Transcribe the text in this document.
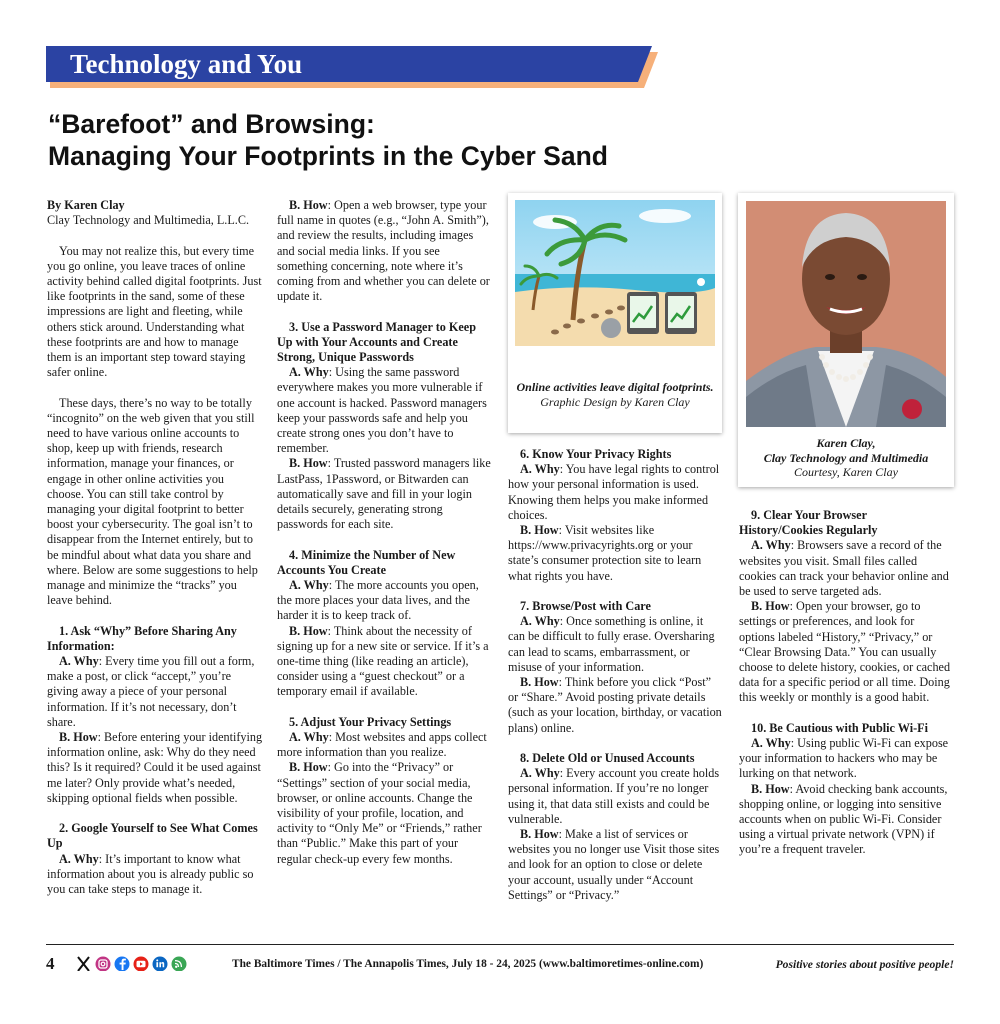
Technology and You
“Barefoot” and Browsing:
Managing Your Footprints in the Cyber Sand

By Karen Clay

Clay Technology and Multimedia, L.L.C.

You may not realize this, but every time you go online, you leave traces of online activity behind called digital footprints. Just like footprints in the sand, some of these impressions are light and fleeting, while others stick around. Understanding what these footprints are and how to manage them is an important step toward staying safer online.

These days, there’s no way to be totally “incognito” on the web given that you still need to have various online accounts to shop, keep up with friends, research information, manage your finances, or engage in other online activities you choose. You can still take control by managing your digital footprint to better boost your cybersecurity. The goal isn’t to disappear from the Internet entirely, but to be mindful about what data you share and where. Below are some suggestions to help manage and minimize the “tracks” you leave behind.

1. Ask “Why” Before Sharing Any Information:

A. Why: Every time you fill out a form, make a post, or click “accept,” you’re giving away a piece of your personal information. If it’s not necessary, don’t share.

B. How: Before entering your identifying information online, ask: Why do they need this? Is it required? Could it be used against me later? Only provide what’s needed, skipping optional fields when possible.

2. Google Yourself to See What Comes Up

A. Why: It’s important to know what information about you is already public so you can take steps to manage it.

B. How: Open a web browser, type your full name in quotes (e.g., “John A. Smith”), and review the results, including images and social media links. If you see something concerning, note where it’s coming from and whether you can delete or update it.

3. Use a Password Manager to Keep Up with Your Accounts and Create Strong, Unique Passwords

A. Why: Using the same password everywhere makes you more vulnerable if one account is hacked. Password managers keep your passwords safe and help you create strong ones you don’t have to remember.

B. How: Trusted password managers like LastPass, 1Password, or Bitwarden can automatically save and fill in your login details securely, generating strong passwords for each site.

4. Minimize the Number of New Accounts You Create

A. Why: The more accounts you open, the more places your data lives, and the harder it is to keep track of.

B. How: Think about the necessity of signing up for a new site or service. If it’s a one-time thing (like reading an article), consider using a “guest checkout” or a temporary email if available.

5. Adjust Your Privacy Settings

A. Why: Most websites and apps collect more information than you realize.

B. How: Go into the “Privacy” or “Settings” section of your social media, browser, or online accounts. Change the visibility of your profile, location, and activity to “Only Me” or “Friends,” rather than “Public.” Make this part of your regular check-up every few months.

Online activities leave digital footprints.
Graphic Design by Karen Clay
Karen Clay,
Clay Technology and Multimedia
Courtesy, Karen Clay

6. Know Your Privacy Rights

A. Why: You have legal rights to control how your personal information is used. Knowing them helps you make informed choices.

B. How: Visit websites like https://www.privacyrights.org or your state’s consumer protection site to learn what rights you have.

7. Browse/Post with Care

A. Why: Once something is online, it can be difficult to fully erase. Oversharing can lead to scams, embarrassment, or misuse of your information.

B. How: Think before you click “Post” or “Share.” Avoid posting private details (such as your location, birthday, or vacation plans) online.

8. Delete Old or Unused Accounts

A. Why: Every account you create holds personal information. If you’re no longer using it, that data still exists and could be vulnerable.

B. How: Make a list of services or websites you no longer use Visit those sites and look for an option to close or delete your account, usually under “Account Settings” or “Privacy.”

9. Clear Your Browser History/Cookies Regularly

A. Why: Browsers save a record of the websites you visit. Small files called cookies can track your behavior online and be used to serve targeted ads.

B. How: Open your browser, go to settings or preferences, and look for options labeled “History,” “Privacy,” or “Clear Browsing Data.” You can usually choose to delete history, cookies, or cached data for a specific period or all time. Doing this weekly or monthly is a good habit.

10. Be Cautious with Public Wi-Fi

A. Why: Using public Wi-Fi can expose your information to hackers who may be lurking on that network.

B. How: Avoid checking bank accounts, shopping online, or logging into sensitive accounts when on public Wi-Fi. Consider using a virtual private network (VPN) if you’re a frequent traveler.

4	The Baltimore Times / The Annapolis Times, July 18 - 24, 2025 (www.baltimoretimes-online.com)	Positive stories about positive people!
